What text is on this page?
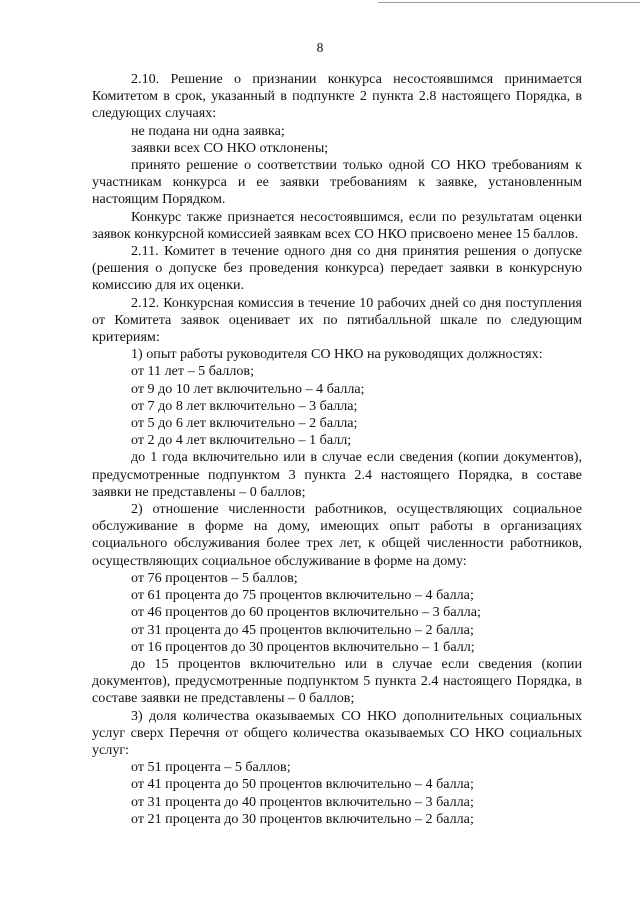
8

2.10. Решение о признании конкурса несостоявшимся принимается Комитетом в срок, указанный в подпункте 2 пункта 2.8 настоящего Порядка, в следующих случаях:

не подана ни одна заявка;

заявки всех СО НКО отклонены;

принято решение о соответствии только одной СО НКО требованиям к участникам конкурса и ее заявки требованиям к заявке, установленным настоящим Порядком.

Конкурс также признается несостоявшимся, если по результатам оценки заявок конкурсной комиссией заявкам всех СО НКО присвоено менее 15 баллов.

2.11. Комитет в течение одного дня со дня принятия решения о допуске (решения о допуске без проведения конкурса) передает заявки в конкурсную комиссию для их оценки.

2.12. Конкурсная комиссия в течение 10 рабочих дней со дня поступления от Комитета заявок оценивает их по пятибалльной шкале по следующим критериям:

1) опыт работы руководителя СО НКО на руководящих должностях:

от 11 лет – 5 баллов;

от 9 до 10 лет включительно – 4 балла;

от 7 до 8 лет включительно – 3 балла;

от 5 до 6 лет включительно – 2 балла;

от 2 до 4 лет включительно – 1 балл;

до 1 года включительно или в случае если сведения (копии документов), предусмотренные подпунктом 3 пункта 2.4 настоящего Порядка, в составе заявки не представлены – 0 баллов;

2) отношение численности работников, осуществляющих социальное обслуживание в форме на дому, имеющих опыт работы в организациях социального обслуживания более трех лет, к общей численности работников, осуществляющих социальное обслуживание в форме на дому:

от 76 процентов – 5 баллов;

от 61 процента до 75 процентов включительно – 4 балла;

от 46 процентов до 60 процентов включительно – 3 балла;

от 31 процента до 45 процентов включительно – 2 балла;

от 16 процентов до 30 процентов включительно – 1 балл;

до 15 процентов включительно или в случае если сведения (копии документов), предусмотренные подпунктом 5 пункта 2.4 настоящего Порядка, в составе заявки не представлены – 0 баллов;

3) доля количества оказываемых СО НКО дополнительных социальных услуг сверх Перечня от общего количества оказываемых СО НКО социальных услуг:

от 51 процента – 5 баллов;

от 41 процента до 50 процентов включительно – 4 балла;

от 31 процента до 40 процентов включительно – 3 балла;

от 21 процента до 30 процентов включительно – 2 балла;
